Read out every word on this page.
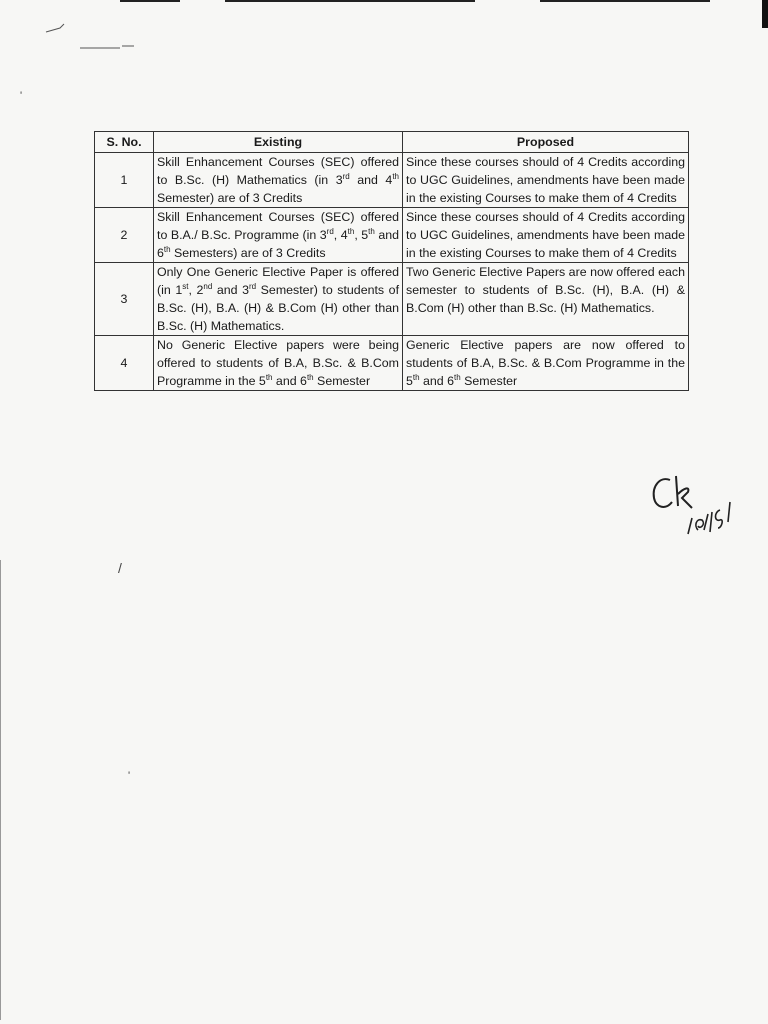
S. No.	Existing	Proposed
1	Skill Enhancement Courses (SEC) offered to B.Sc. (H) Mathematics (in 3rd and 4th Semester) are of 3 Credits	Since these courses should of 4 Credits according to UGC Guidelines, amendments have been made in the existing Courses to make them of 4 Credits
2	Skill Enhancement Courses (SEC) offered to B.A./ B.Sc. Programme (in 3rd, 4th, 5th and 6th Semesters) are of 3 Credits	Since these courses should of 4 Credits according to UGC Guidelines, amendments have been made in the existing Courses to make them of 4 Credits
3	Only One Generic Elective Paper is offered (in 1st, 2nd and 3rd Semester) to students of B.Sc. (H), B.A. (H) & B.Com (H) other than B.Sc. (H) Mathematics.	Two Generic Elective Papers are now offered each semester to students of B.Sc. (H), B.A. (H) & B.Com (H) other than B.Sc. (H) Mathematics.
4	No Generic Elective papers were being offered to students of B.A, B.Sc. & B.Com Programme in the 5th and 6th Semester	Generic Elective papers are now offered to students of B.A, B.Sc. & B.Com Programme in the 5th and 6th Semester
/
'
'
